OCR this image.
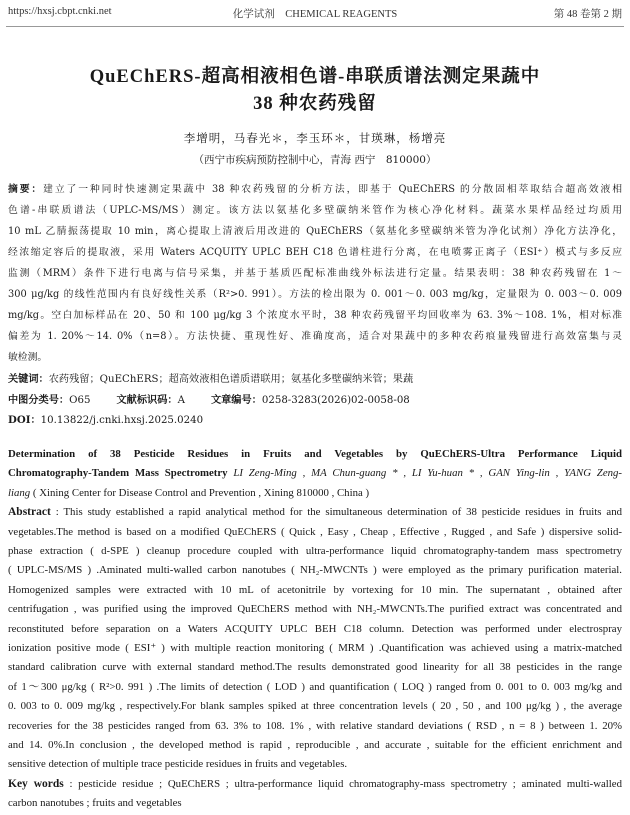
https://hxsj.cbpt.cnki.net	化学试剂　CHEMICAL REAGENTS	第 48 卷第 2 期
QuEChERS-超高相液相色谱-串联质谱法测定果蔬中
38 种农药残留
李增明，马春光＊，李玉环＊，甘瑛琳，杨增亮
（西宁市疾病预防控制中心，青海 西宁　810000）
摘要：建立了一种同时快速测定果蔬中 38 种农药残留的分析方法，即基于 QuEChERS 的分散固相萃取结合超高效液相
色谱-串联质谱法（UPLC-MS/MS）测定。该方法以氨基化多壁碳纳米管作为核心净化材料。蔬菜水果样品经过均质用
10 mL 乙腈振荡提取 10 min，离心提取上清液后用改进的 QuEChERS（氨基化多壁碳纳米管为净化试剂）净化方法净化，
经浓缩定容后的提取液，采用 Waters ACQUITY UPLC BEH C18 色谱柱进行分离，在电喷雾正离子（ESI⁺）模式与多反应
监测（MRM）条件下进行电离与信号采集，并基于基质匹配标准曲线外标法进行定量。结果表明：38 种农药残留在 1～
300 μg/kg 的线性范围内有良好线性关系（R²>0. 991）。方法的检出限为 0. 001～0. 003 mg/kg，定量限为 0. 003～0. 009
mg/kg。空白加标样品在 20、50 和 100 μg/kg 3 个浓度水平时，38 种农药残留平均回收率为 63. 3%～108. 1%，相对标准
偏差为 1. 20%～14. 0%（n=8）。方法快捷、重现性好、准确度高，适合对果蔬中的多种农药痕量残留进行高效富集与灵
敏检测。
关键词：农药残留；QuEChERS；超高效液相色谱质谱联用；氨基化多壁碳纳米管；果蔬
中图分类号：O65	文献标识码：A	文章编号：0258-3283(2026)02-0058-08
DOI：10.13822/j.cnki.hxsj.2025.0240
Determination of 38 Pesticide Residues in Fruits and Vegetables by QuEChERS-Ultra Performance Liquid
Chromatography-Tandem Mass Spectrometry LI Zeng-Ming , MA Chun-guang * , LI Yu-huan * , GAN Ying-lin , YANG Zeng-
liang ( Xining Center for Disease Control and Prevention , Xining 810000 , China )
Abstract : This study established a rapid analytical method for the simultaneous determination of 38 pesticide residues in fruits and
vegetables.The method is based on a modified QuEChERS ( Quick , Easy , Cheap , Effective , Rugged , and Safe ) dispersive solid-
phase extraction ( d-SPE ) cleanup procedure coupled with ultra-performance liquid chromatography-tandem mass spectrometry
( UPLC-MS/MS ) .Aminated multi-walled carbon nanotubes ( NH₂-MWCNTs ) were employed as the primary purification material.
Homogenized samples were extracted with 10 mL of acetonitrile by vortexing for 10 min. The supernatant , obtained after
centrifugation , was purified using the improved QuEChERS method with NH₂-MWCNTs.The purified extract was concentrated and
reconstituted before separation on a Waters ACQUITY UPLC BEH C18 column. Detection was performed under electrospray
ionization positive mode ( ESI⁺ ) with multiple reaction monitoring ( MRM ) .Quantification was achieved using a matrix-matched
standard calibration curve with external standard method.The results demonstrated good linearity for all 38 pesticides in the range
of 1～300 μg/kg ( R²>0. 991 ) .The limits of detection ( LOD ) and quantification ( LOQ ) ranged from 0. 001 to 0. 003 mg/kg and
0. 003 to 0. 009 mg/kg , respectively.For blank samples spiked at three concentration levels ( 20 , 50 , and 100 μg/kg ) , the average
recoveries for the 38 pesticides ranged from 63. 3% to 108. 1% , with relative standard deviations ( RSD , n = 8 ) between 1. 20%
and 14. 0%.In conclusion , the developed method is rapid , reproducible , and accurate , suitable for the efficient enrichment and
sensitive detection of multiple trace pesticide residues in fruits and vegetables.
Key words : pesticide residue ; QuEChERS ; ultra-performance liquid chromatography-mass spectrometry ; aminated multi-walled
carbon nanotubes ; fruits and vegetables
